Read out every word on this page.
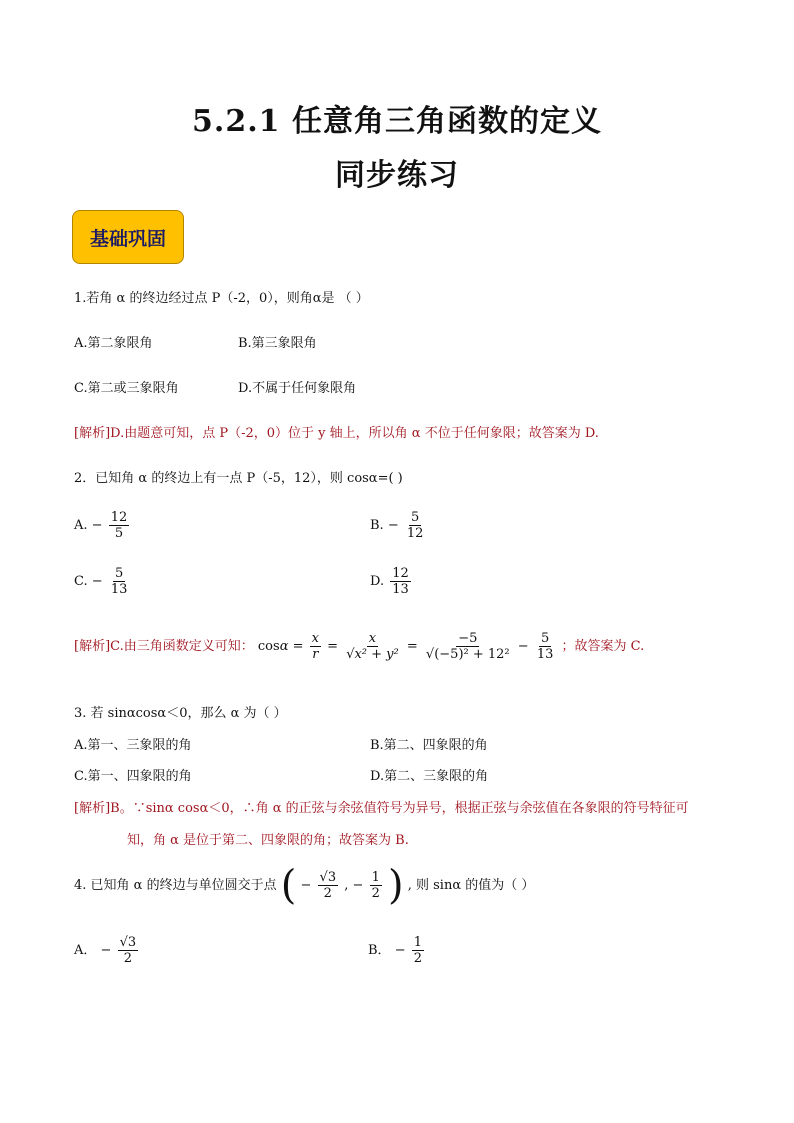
5.2.1 任意角三角函数的定义
同步练习
基础巩固
1.若角 α 的终边经过点 P（-2，0），则角α是 （ ）
A.第二象限角	B.第三象限角
C.第二或三象限角	D.不属于任何象限角
[解析]D.由题意可知，点 P（-2，0）位于 y 轴上，所以角 α 不位于任何象限；故答案为 D.
2．已知角 α 的终边上有一点 P（-5，12），则 cosα=( )
A. − $\frac{12}{5}$	B. − $\frac{5}{12}$
C. − $\frac{5}{13}$	D. $\frac{12}{13}$
[解析]C.由三角函数定义可知： $\cos\alpha = \frac{x}{r} = \frac{x}{\text{√x² + y²}} = \frac{-5}{\text{√(−5)² + 12²}} - \frac{5}{13}$ ；故答案为 C.
3. 若 sinαcosα＜0，那么 α 为（ ）
A.第一、三象限的角	B.第二、四象限的角
C.第一、四象限的角	D.第二、三象限的角
[解析]B。∵sinα cosα＜0，∴角 α 的正弦与余弦值符号为异号，根据正弦与余弦值在各象限的符号特征可
知，角 α 是位于第二、四象限的角；故答案为 B.
4. 已知角 α 的终边与单位圆交于点 ( − $\frac{√3}{2}$ , − $\frac{1}{2}$ ) , 则 sinα 的值为（ ）
A． − $\frac{√3}{2}$	B． − $\frac{1}{2}$
